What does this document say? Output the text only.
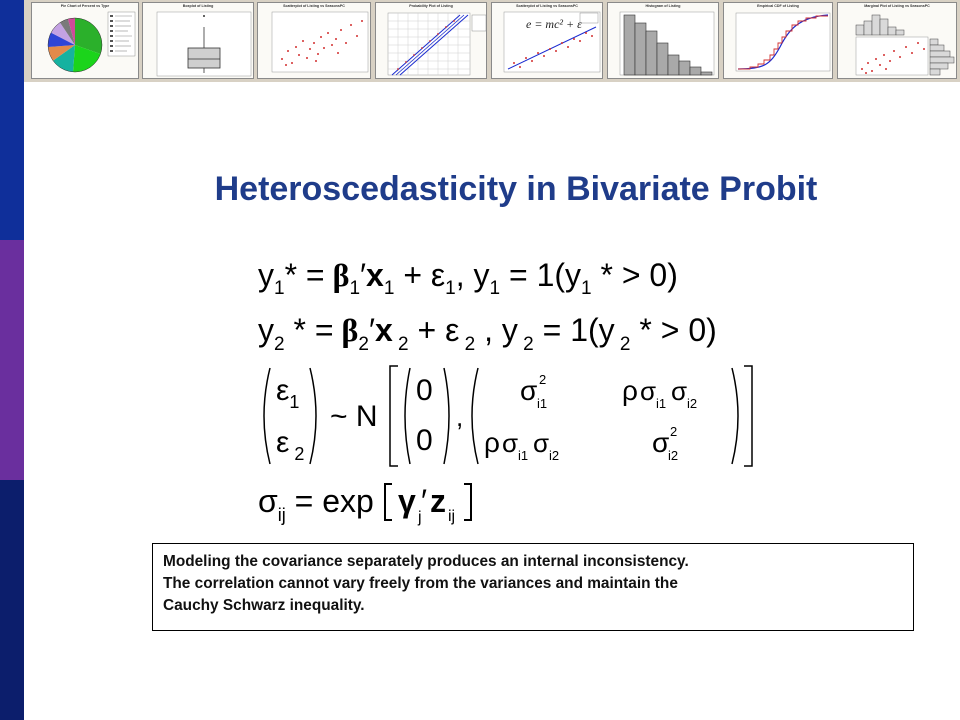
Pie Chart of Percent vs Type	Boxplot of Listing	Scatterplot of Listing vs SeasonsPC	Probability Plot of Listing	Scatterplot of Listing vs SeasonsPC
e = mc² + ε
Histogram of Listing	Empirical CDF of Listing	Marginal Plot of Listing vs SeasonsPC
Heteroscedasticity in Bivariate Probit
$y_1* = \beta_1'x_1 + \varepsilon_1$, $y_1 = 1(y_1$ * > 0)
$y_2$ * = $\beta_2'x$ $_2$ + ε $_2$ , y $_2$ = 1(y $_2$ * > 0)
$\varepsilon_1$
ε $_2$
~ N
0
0
,
σ 2
i1	ρ σ i1 σ i2
ρ σ i1 σ i2	σ 2
i2
$\sigma_{ij} = \exp \gamma$ j ′ z ij
Modeling the covariance separately produces an internal inconsistency.
The correlation cannot vary freely from the variances and maintain the
Cauchy Schwarz inequality.
